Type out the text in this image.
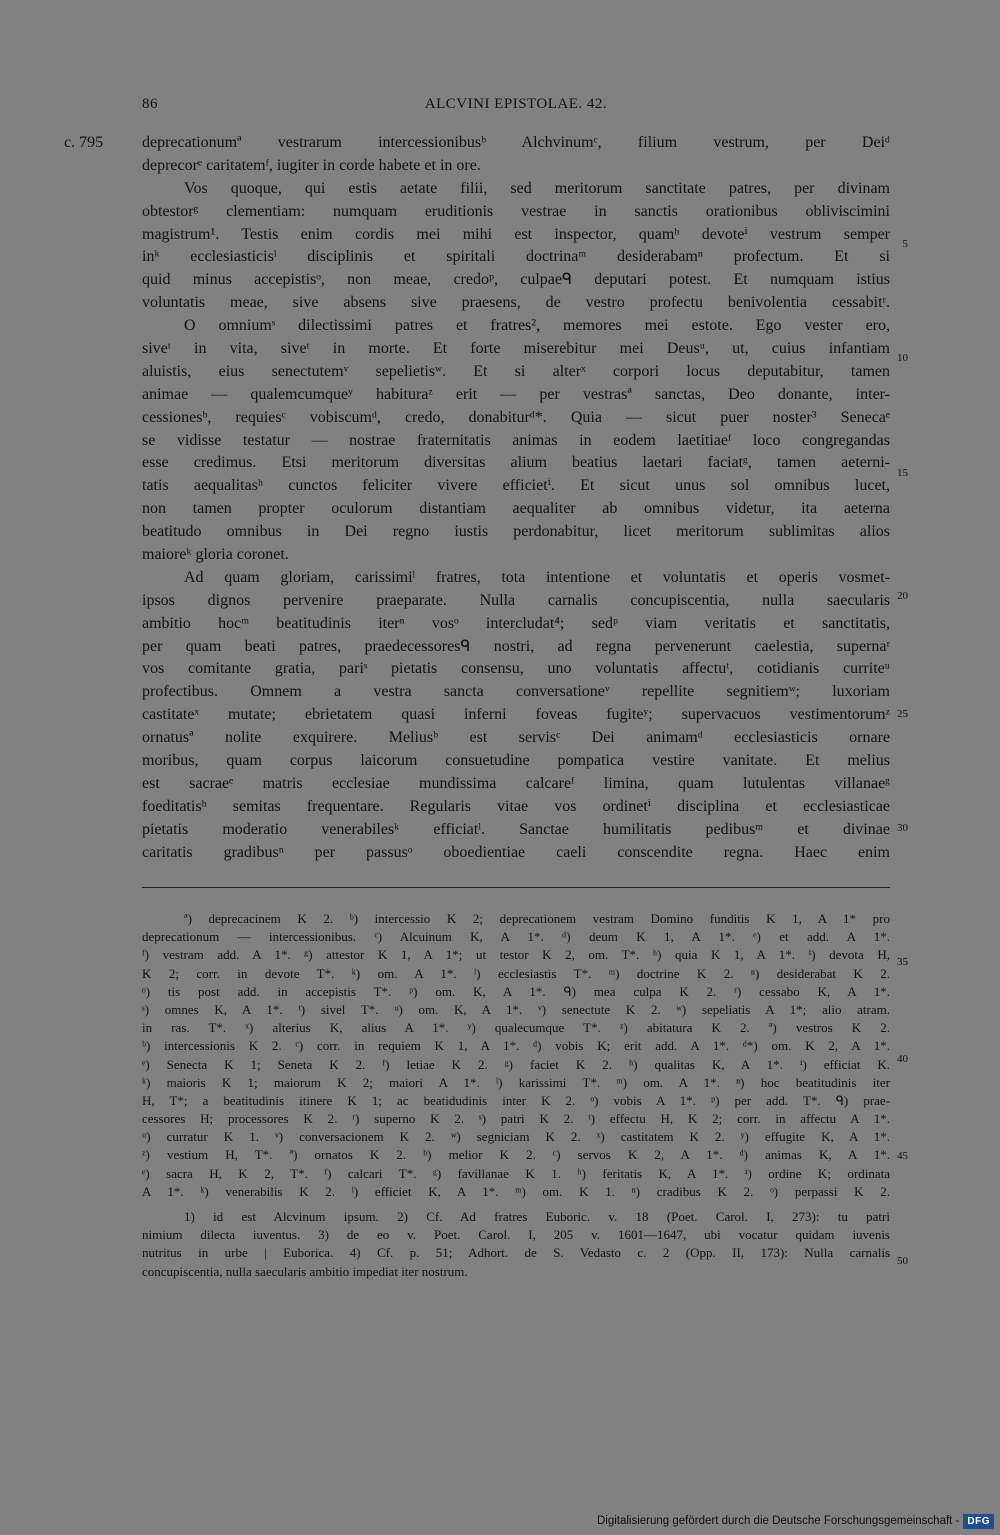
86	ALCVINI EPISTOLAE. 42.
c. 795 deprecationumª vestrarum intercessionibusᵇ Alchvinumᶜ, filium vestrum, per Deiᵈ
deprecorᵉ caritatemᶠ, iugiter in corde habete et in ore.
Vos quoque, qui estis aetate filii, sed meritorum sanctitate patres, per divinam
obtestorᵍ clementiam: numquam eruditionis vestrae in sanctis orationibus obliviscimini
magistrum¹. Testis enim cordis mei mihi est inspector, quamʰ devoteⁱ vestrum semper
inᵏ ecclesiasticisˡ disciplinis et spiritali doctrinaᵐ desiderabamⁿ profectum. Et si
quid minus accepistisᵒ, non meae, credoᵖ, culpaeᑫ deputari potest. Et numquam istius
voluntatis meae, sive absens sive praesens, de vestro profectu benivolentia cessabitʳ.
O omniumˢ dilectissimi patres et fratres², memores mei estote. Ego vester ero,
siveᵗ in vita, siveᵗ in morte. Et forte miserebitur mei Deusᵘ, ut, cuius infantiam
aluistis, eius senectutemᵛ sepelietisʷ. Et si alterˣ corpori locus deputabitur, tamen
animae — qualemcumqueʸ habituraᶻ erit — per vestrasª sanctas, Deo donante, inter-
cessionesᵇ, requiesᶜ vobiscumᵈ, credo, donabiturᵈ*. Quia — sicut puer noster³ Senecaᵉ
se vidisse testatur — nostrae fraternitatis animas in eodem laetitiaeᶠ loco congregandas
esse credimus. Etsi meritorum diversitas alium beatius laetari faciatᵍ, tamen aeterni-
tatis aequalitasʰ cunctos feliciter vivere efficietⁱ. Et sicut unus sol omnibus lucet,
non tamen propter oculorum distantiam aequaliter ab omnibus videtur, ita aeterna
beatitudo omnibus in Dei regno iustis perdonabitur, licet meritorum sublimitas alios
maioreᵏ gloria coronet.
Ad quam gloriam, carissimiˡ fratres, tota intentione et voluntatis et operis vosmet-
ipsos dignos pervenire praeparate. Nulla carnalis concupiscentia, nulla saecularis
ambitio hocᵐ beatitudinis iterⁿ vosᵒ intercludat⁴; sedᵖ viam veritatis et sanctitatis,
per quam beati patres, praedecessoresᑫ nostri, ad regna pervenerunt caelestia, supernaʳ
vos comitante gratia, pariˢ pietatis consensu, uno voluntatis affectuᵗ, cotidianis curriteᵘ
profectibus. Omnem a vestra sancta conversationeᵛ repellite segnitiemʷ; luxoriam
castitateˣ mutate; ebrietatem quasi inferni foveas fugiteʸ; supervacuos vestimentorumᶻ
ornatusª nolite exquirere. Meliusᵇ est servisᶜ Dei animamᵈ ecclesiasticis ornare
moribus, quam corpus laicorum consuetudine pompatica vestire vanitate. Et melius
est sacraeᵉ matris ecclesiae mundissima calcareᶠ limina, quam lutulentas villanaeᵍ
foeditatisʰ semitas frequentare. Regularis vitae vos ordinetⁱ disciplina et ecclesiasticae
pietatis moderatio venerabilesᵏ efficiatˡ. Sanctae humilitatis pedibusᵐ et divinae
caritatis gradibusⁿ per passusᵒ oboedientiae caeli conscendite regna. Haec enim
5
10
15
20
25
30
35
40
45
50
ª) deprecacinem K 2. ᵇ) intercessio K 2; deprecationem vestram Domino funditis K 1, A 1* pro
deprecationum — intercessionibus. ᶜ) Alcuinum K, A 1*. ᵈ) deum K 1, A 1*. ᵉ) et add. A 1*.
ᶠ) vestram add. A 1*. ᵍ) attestor K 1, A 1*; ut testor K 2, om. T*. ʰ) quia K 1, A 1*. ⁱ) devota H,
K 2; corr. in devote T*. ᵏ) om. A 1*. ˡ) ecclesiastis T*. ᵐ) doctrine K 2. ⁿ) desiderabat K 2.
ᵒ) tis post add. in accepistis T*. ᵖ) om. K, A 1*. ᑫ) mea culpa K 2. ʳ) cessabo K, A 1*.
ˢ) omnes K, A 1*. ᵗ) sivel T*. ᵘ) om. K, A 1*. ᵛ) senectute K 2. ʷ) sepeliatis A 1*; alio atram.
in ras. T*. ˣ) alterius K, alius A 1*. ʸ) qualecumque T*. ᶻ) abitatura K 2. ª) vestros K 2.
ᵇ) intercessionis K 2. ᶜ) corr. in requiem K 1, A 1*. ᵈ) vobis K; erit add. A 1*. ᵈ*) om. K 2, A 1*.
ᵉ) Senecta K 1; Seneta K 2. ᶠ) letiae K 2. ᵍ) faciet K 2. ʰ) qualitas K, A 1*. ⁱ) efficiat K.
ᵏ) maioris K 1; maiorum K 2; maiori A 1*. ˡ) karissimi T*. ᵐ) om. A 1*. ⁿ) hoc beatitudinis iter
H, T*; a beatitudinis itinere K 1; ac beatidudinis inter K 2. ᵒ) vobis A 1*. ᵖ) per add. T*. ᑫ) prae-
cessores H; processores K 2. ʳ) superno K 2. ˢ) patri K 2. ᵗ) effectu H, K 2; corr. in affectu A 1*.
ᵘ) curratur K 1. ᵛ) conversacionem K 2. ʷ) segniciam K 2. ˣ) castitatem K 2. ʸ) effugite K, A 1*.
ᶻ) vestium H, T*. ª) ornatos K 2. ᵇ) melior K 2. ᶜ) servos K 2, A 1*. ᵈ) animas K, A 1*.
ᵉ) sacra H, K 2, T*. ᶠ) calcari T*. ᵍ) favillanae K 1. ʰ) feritatis K, A 1*. ⁱ) ordine K; ordinata
A 1*. ᵏ) venerabilis K 2. ˡ) efficiet K, A 1*. ᵐ) om. K 1. ⁿ) cradibus K 2. ᵒ) perpassi K 2.
1) id est Alcvinum ipsum. 2) Cf. Ad fratres Euboric. v. 18 (Poet. Carol. I, 273): tu patri
nimium dilecta iuventus. 3) de eo v. Poet. Carol. I, 205 v. 1601—1647, ubi vocatur quidam iuvenis
nutritus in urbe | Euborica. 4) Cf. p. 51; Adhort. de S. Vedasto c. 2 (Opp. II, 173): Nulla carnalis
concupiscentia, nulla saecularis ambitio impediat iter nostrum.
Digitalisierung gefördert durch die Deutsche Forschungsgemeinschaft - DFG
